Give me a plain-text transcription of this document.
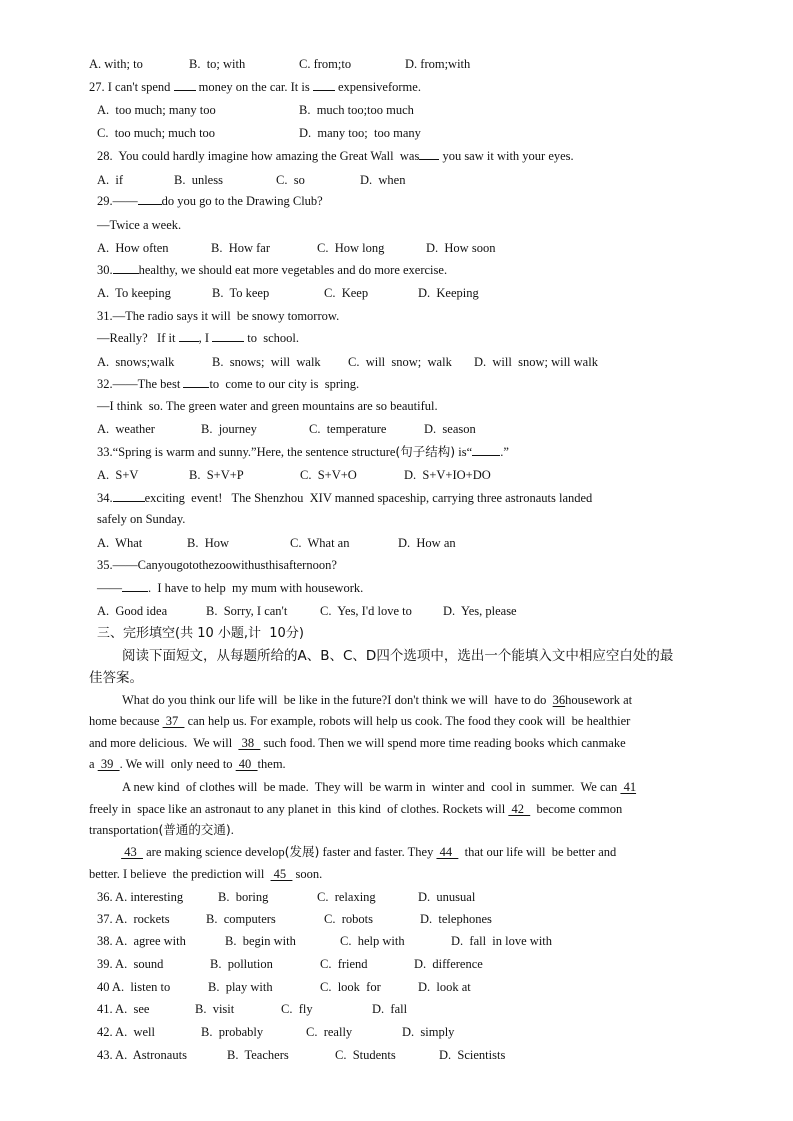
A. with; to	B.  to; with	C. from;to	D. from;with
27. I can't spend money on the car. It is expensiveforme.
A.  too much; many too	B.  much too;too much
C.  too much; much too	D.  many too;  too many
28.  You could hardly imagine how amazing the Great Wall  was you saw it with your eyes.
A.  if	B.  unless	C.  so	D.  when
29.—— do you go to the Drawing Club?
—Twice a week.
A.  How often	B.  How far	C.  How long	D.  How soon
30. healthy, we should eat more vegetables and do more exercise.
A.  To keeping	B.  To keep	C.  Keep	D.  Keeping
31.—The radio says it will  be snowy tomorrow.
—Really?   If it , I	to  school.
A.  snows;walk	B.  snows;  will  walk C.  will  snow;  walk D.  will  snow; will walk
32.——The best to  come to our city is  spring.
—I think  so. The green water and green mountains are so beautiful.
A.  weather	B.  journey	C.  temperature	D.  season
33.“Spring is warm and sunny.”Here, the sentence structure(句子结构) is“ .”
A.  S+V	B.  S+V+P	C.  S+V+O	D.  S+V+IO+DO
34.	exciting  event!   The Shenzhou  XIV manned spaceship, carrying three astronauts landed
safely on Sunday.
A.  What	B.  How	C.  What an	D.  How an
35.——Canyougotothezoowithusthisafternoon?
—— .  I have to help  my mum with housework.
A.  Good idea	B.  Sorry, I can't	C.  Yes, I'd love to D.  Yes, please
三、完形填空(共 10 小题,计  10分)
阅读下面短文，从每题所给的A、B、C、D四个选项中，选出一个能填入文中相应空白处的最
佳答案。
What do you think our life will  be like in the future?I don't think we will  have to do  36housework at
home because  37   can help us. For example, robots will help us cook. The food they cook will  be healthier
and more delicious.  We will   38   such food. Then we will spend more time reading books which canmake
a  39  . We will  only need to  40  them.
A new kind  of clothes will  be made.  They will  be warm in  winter and  cool in  summer.  We can  41
freely in  space like an astronaut to any planet in  this kind  of clothes. Rockets will  42    become common
transportation(普通的交通).
43   are making science develop(发展) faster and faster. They  44    that our life will  be better and
better. I believe  the prediction will   45   soon.
36. A. interesting	B.  boring	C.  relaxing	D.  unusual
37. A.  rockets	B.  computers	C.  robots	D.  telephones
38. A.  agree with	B.  begin with	C.  help with	D.  fall  in love with
39. A.  sound	B.  pollution	C.  friend	D.  difference
40 A.  listen to	B.  play with	C.  look  for	D.  look at
41. A.  see	B.  visit	C.  fly	D.  fall
42. A.  well	B.  probably	C.  really	D.  simply
43. A.  Astronauts	B.  Teachers	C.  Students	D.  Scientists
